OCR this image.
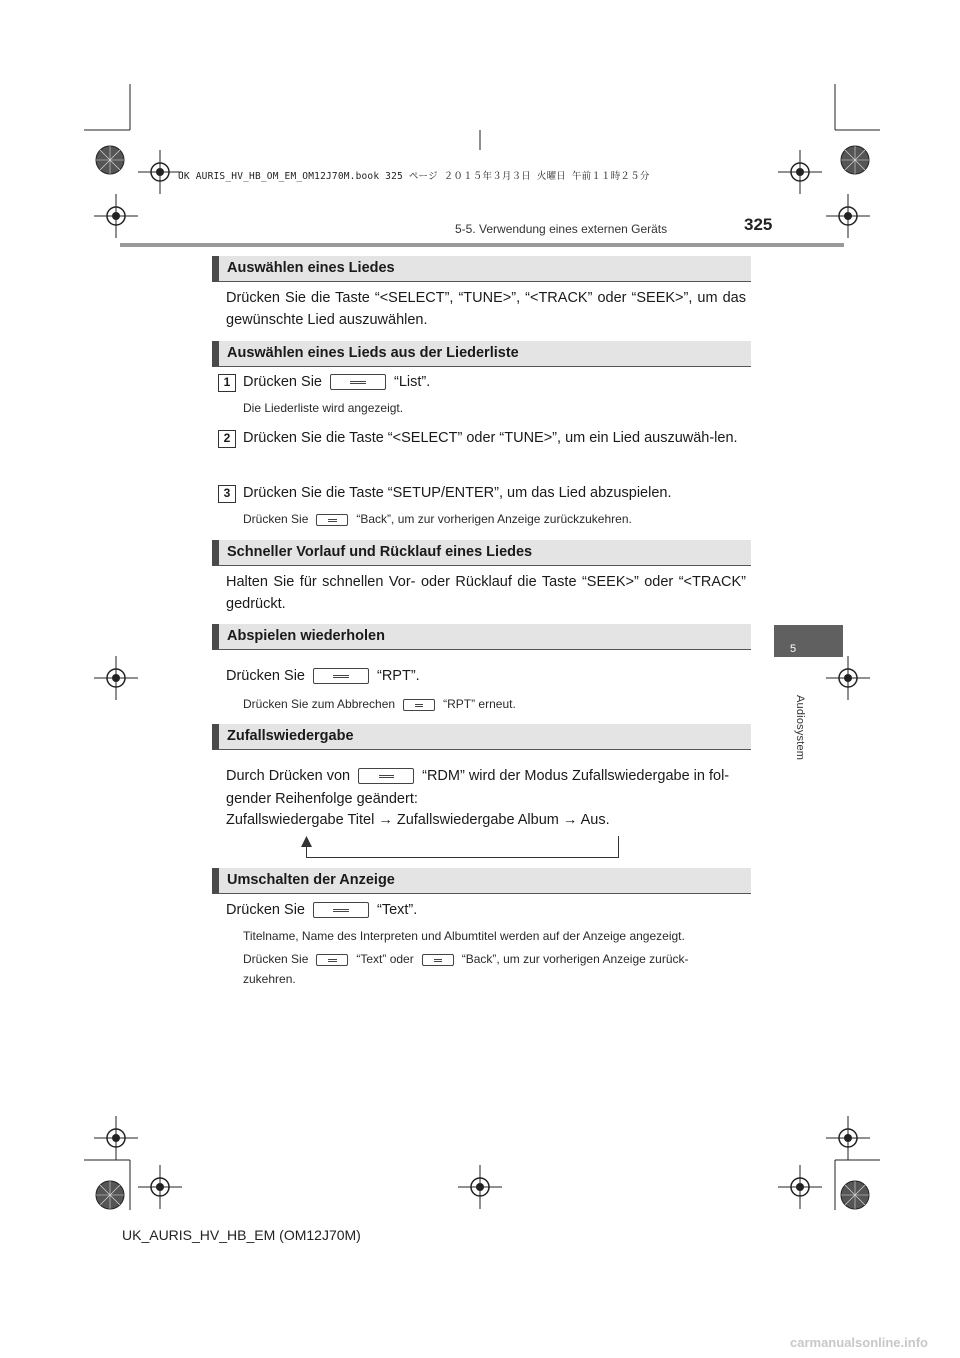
UK AURIS_HV_HB_OM_EM_OM12J70M.book 325 ページ ２０１５年３月３日 火曜日 午前１１時２５分
5-5. Verwendung eines externen Geräts	325
5
Audiosystem
Auswählen eines Liedes
Drücken Sie die Taste “<SELECT”, “TUNE>”, “<TRACK” oder “SEEK>”, um das gewünschte Lied auszuwählen.
Auswählen eines Lieds aus der Liederliste
1 Drücken Sie	“List”.
Die Liederliste wird angezeigt.
2 Drücken Sie die Taste “<SELECT” oder “TUNE>”, um ein Lied auszuwäh-len.
3 Drücken Sie die Taste “SETUP/ENTER”, um das Lied abzuspielen.
Drücken Sie	“Back”, um zur vorherigen Anzeige zurückzukehren.
Schneller Vorlauf und Rücklauf eines Liedes
Halten Sie für schnellen Vor- oder Rücklauf die Taste “SEEK>” oder “<TRACK” gedrückt.
Abspielen wiederholen
Drücken Sie	“RPT”.
Drücken Sie zum Abbrechen	“RPT” erneut.
Zufallswiedergabe
Durch Drücken von	“RDM” wird der Modus Zufallswiedergabe in fol-
gender Reihenfolge geändert:
Zufallswiedergabe Titel → Zufallswiedergabe Album → Aus.
Umschalten der Anzeige
Drücken Sie	“Text”.
Titelname, Name des Interpreten und Albumtitel werden auf der Anzeige angezeigt.
Drücken Sie	“Text” oder	“Back”, um zur vorherigen Anzeige zurück-
zukehren.
UK_AURIS_HV_HB_EM (OM12J70M)
carmanualsonline.info
